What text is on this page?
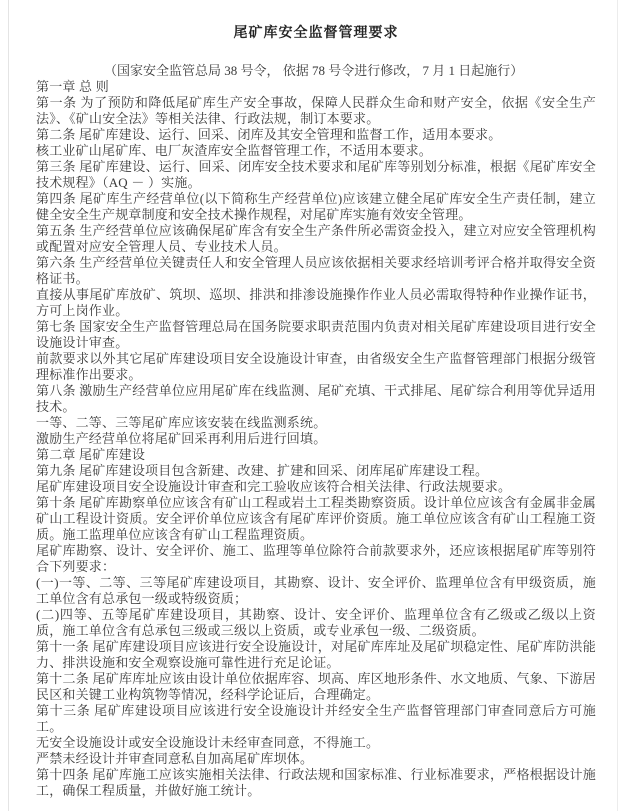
尾矿库安全监督管理要求

（国家安全监管总局 38 号令， 依据 78 号令进行修改， 7 月 1 日起施行）

第一章 总 则

第一条 为了预防和降低尾矿库生产安全事故，保障人民群众生命和财产安全，依据《安全生产法》、《矿山安全法》等相关法律、行政法规，制订本要求。

第二条 尾矿库建设、运行、回采、闭库及其安全管理和监督工作，适用本要求。

核工业矿山尾矿库、电厂灰渣库安全监督管理工作，不适用本要求。

第三条 尾矿库建设、运行、回采、闭库安全技术要求和尾矿库等别划分标准，根据《尾矿库安全技术规程》（AQ － ）实施。

第四条 尾矿库生产经营单位(以下简称生产经营单位)应该建立健全尾矿库安全生产责任制，建立健全安全生产规章制度和安全技术操作规程，对尾矿库实施有效安全管理。

第五条 生产经营单位应该确保尾矿库含有安全生产条件所必需资金投入，建立对应安全管理机构或配置对应安全管理人员、专业技术人员。

第六条 生产经营单位关键责任人和安全管理人员应该依据相关要求经培训考评合格并取得安全资格证书。

直接从事尾矿库放矿、筑坝、巡坝、排洪和排渗设施操作作业人员必需取得特种作业操作证书，方可上岗作业。

第七条 国家安全生产监督管理总局在国务院要求职责范围内负责对相关尾矿库建设项目进行安全设施设计审查。

前款要求以外其它尾矿库建设项目安全设施设计审查，由省级安全生产监督管理部门根据分级管理标准作出要求。

第八条 激励生产经营单位应用尾矿库在线监测、尾矿充填、干式排尾、尾矿综合利用等优异适用技术。

一等、二等、三等尾矿库应该安装在线监测系统。

激励生产经营单位将尾矿回采再利用后进行回填。

第二章 尾矿库建设

第九条 尾矿库建设项目包含新建、改建、扩建和回采、闭库尾矿库建设工程。

尾矿库建设项目安全设施设计审查和完工验收应该符合相关法律、行政法规要求。

第十条 尾矿库勘察单位应该含有矿山工程或岩土工程类勘察资质。设计单位应该含有金属非金属矿山工程设计资质。安全评价单位应该含有尾矿库评价资质。施工单位应该含有矿山工程施工资质。施工监理单位应该含有矿山工程监理资质。

尾矿库勘察、设计、安全评价、施工、监理等单位除符合前款要求外，还应该根据尾矿库等别符合下列要求：

(一)一等、二等、三等尾矿库建设项目，其勘察、设计、安全评价、监理单位含有甲级资质，施工单位含有总承包一级或特级资质；

(二)四等、五等尾矿库建设项目，其勘察、设计、安全评价、监理单位含有乙级或乙级以上资质，施工单位含有总承包三级或三级以上资质，或专业承包一级、二级资质。

第十一条 尾矿库建设项目应该进行安全设施设计，对尾矿库库址及尾矿坝稳定性、尾矿库防洪能力、排洪设施和安全观察设施可靠性进行充足论证。

第十二条 尾矿库库址应该由设计单位依据库容、坝高、库区地形条件、水文地质、气象、下游居民区和关键工业构筑物等情况，经科学论证后，合理确定。

第十三条 尾矿库建设项目应该进行安全设施设计并经安全生产监督管理部门审查同意后方可施工。

无安全设施设计或安全设施设计未经审查同意，不得施工。

严禁未经设计并审查同意私自加高尾矿库坝体。

第十四条 尾矿库施工应该实施相关法律、行政法规和国家标准、行业标准要求，严格根据设计施工，确保工程质量，并做好施工统计。
